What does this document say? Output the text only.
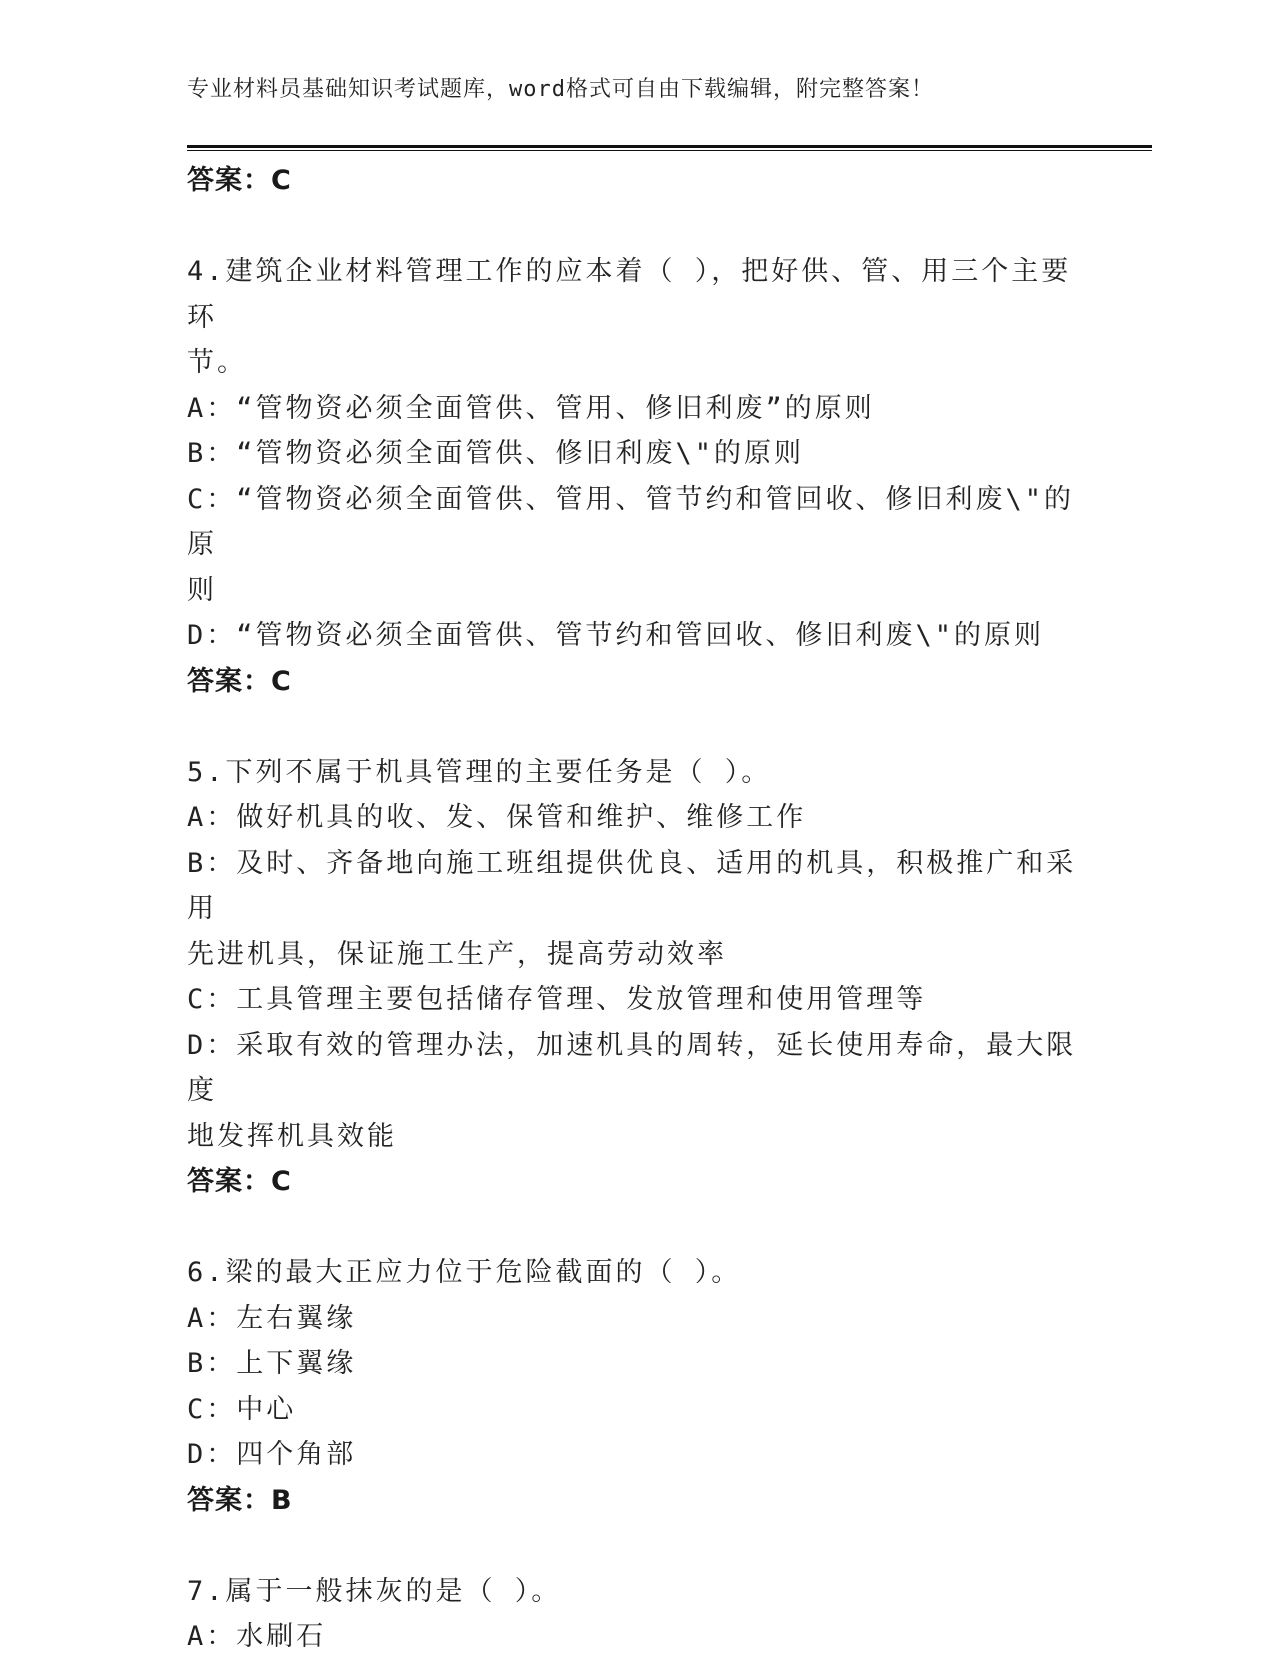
专业材料员基础知识考试题库，word格式可自由下载编辑，附完整答案！

答案：C

4.建筑企业材料管理工作的应本着（ ），把好供、管、用三个主要环

节。

A：“管物资必须全面管供、管用、修旧利废”的原则

B：“管物资必须全面管供、修旧利废\"的原则

C：“管物资必须全面管供、管用、管节约和管回收、修旧利废\"的原

则

D：“管物资必须全面管供、管节约和管回收、修旧利废\"的原则

答案：C

5.下列不属于机具管理的主要任务是（ ）。

A：做好机具的收、发、保管和维护、维修工作

B：及时、齐备地向施工班组提供优良、适用的机具，积极推广和采用

先进机具，保证施工生产，提高劳动效率

C：工具管理主要包括储存管理、发放管理和使用管理等

D：采取有效的管理办法，加速机具的周转，延长使用寿命，最大限度

地发挥机具效能

答案：C

6.梁的最大正应力位于危险截面的（ ）。

A：左右翼缘

B：上下翼缘

C：中心

D：四个角部

答案：B

7.属于一般抹灰的是（ ）。

A：水刷石
